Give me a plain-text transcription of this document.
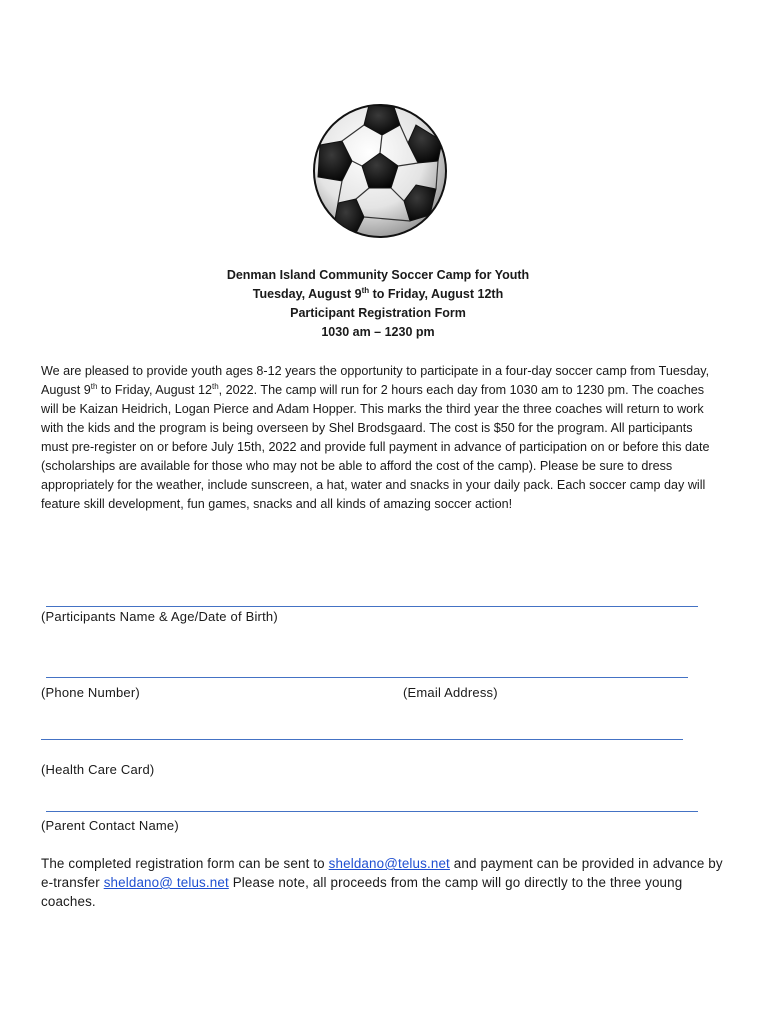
Denman Island Community Soccer Camp for Youth
Tuesday, August 9th to Friday, August 12th
Participant Registration Form
1030 am – 1230 pm

We are pleased to provide youth ages 8-12 years the opportunity to participate in a four-day soccer camp from Tuesday, August 9th to Friday, August 12th, 2022. The camp will run for 2 hours each day from 1030 am to 1230 pm. The coaches will be Kaizan Heidrich, Logan Pierce and Adam Hopper. This marks the third year the three coaches will return to work with the kids and the program is being overseen by Shel Brodsgaard. The cost is $50 for the program. All participants must pre-register on or before July 15th, 2022 and provide full payment in advance of participation on or before this date (scholarships are available for those who may not be able to afford the cost of the camp). Please be sure to dress appropriately for the weather, include sunscreen, a hat, water and snacks in your daily pack. Each soccer camp day will feature skill development, fun games, snacks and all kinds of amazing soccer action!

(Participants Name & Age/Date of Birth)
(Phone Number)	(Email Address)
(Health Care Card)
(Parent Contact Name)

The completed registration form can be sent to sheldano@telus.net and payment can be provided in advance by e-transfer sheldano@ telus.net Please note, all proceeds from the camp will go directly to the three young coaches.
